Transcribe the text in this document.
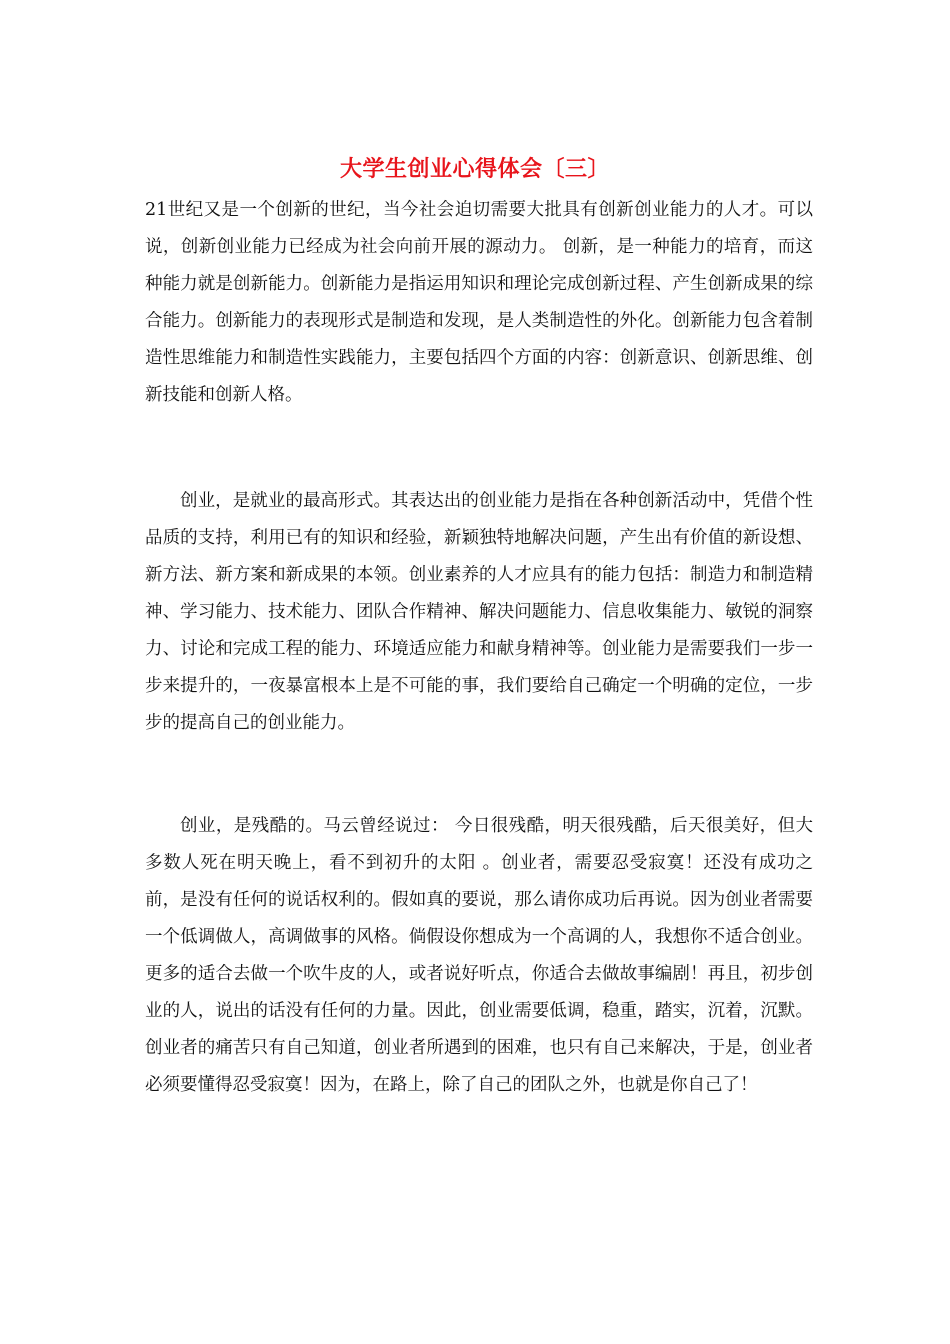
大学生创业心得体会〔三〕

21世纪又是一个创新的世纪，当今社会迫切需要大批具有创新创业能力的人才。可以说，创新创业能力已经成为社会向前开展的源动力。 创新，是一种能力的培育，而这种能力就是创新能力。创新能力是指运用知识和理论完成创新过程、产生创新成果的综合能力。创新能力的表现形式是制造和发现，是人类制造性的外化。创新能力包含着制造性思维能力和制造性实践能力，主要包括四个方面的内容：创新意识、创新思维、创新技能和创新人格。

创业，是就业的最高形式。其表达出的创业能力是指在各种创新活动中，凭借个性品质的支持，利用已有的知识和经验，新颖独特地解决问题，产生出有价值的新设想、新方法、新方案和新成果的本领。创业素养的人才应具有的能力包括：制造力和制造精神、学习能力、技术能力、团队合作精神、解决问题能力、信息收集能力、敏锐的洞察力、讨论和完成工程的能力、环境适应能力和献身精神等。创业能力是需要我们一步一步来提升的，一夜暴富根本上是不可能的事，我们要给自己确定一个明确的定位，一步步的提高自己的创业能力。

创业，是残酷的。马云曾经说过： 今日很残酷，明天很残酷，后天很美好，但大多数人死在明天晚上，看不到初升的太阳 。创业者，需要忍受寂寞！还没有成功之前，是没有任何的说话权利的。假如真的要说，那么请你成功后再说。因为创业者需要一个低调做人，高调做事的风格。倘假设你想成为一个高调的人，我想你不适合创业。更多的适合去做一个吹牛皮的人，或者说好听点，你适合去做故事编剧！再且，初步创业的人，说出的话没有任何的力量。因此，创业需要低调，稳重，踏实，沉着，沉默。创业者的痛苦只有自己知道，创业者所遇到的困难，也只有自己来解决，于是，创业者必须要懂得忍受寂寞！因为，在路上，除了自己的团队之外，也就是你自己了！
